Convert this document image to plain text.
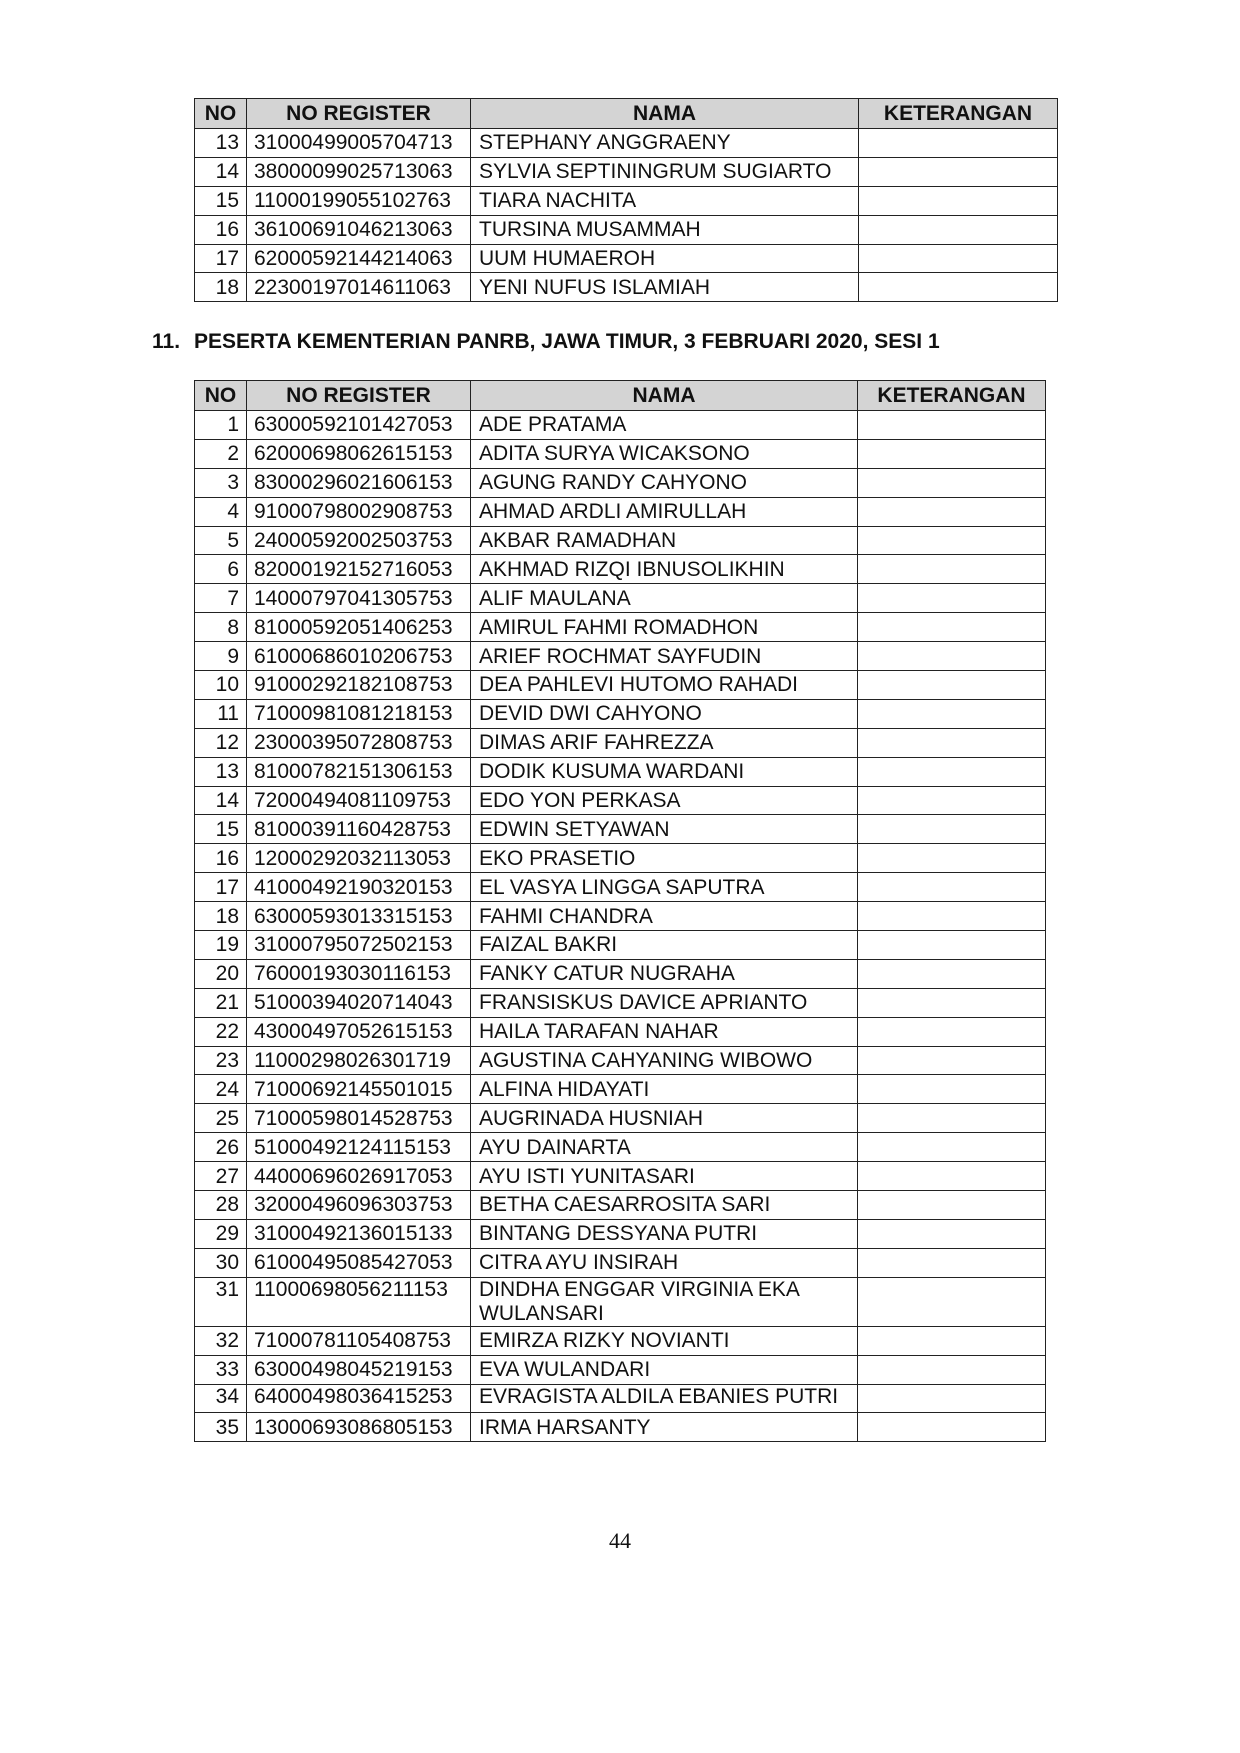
NO	NO REGISTER	NAMA	KETERANGAN
13	31000499005704713	STEPHANY ANGGRAENY	
14	38000099025713063	SYLVIA SEPTININGRUM SUGIARTO	
15	11000199055102763	TIARA NACHITA	
16	36100691046213063	TURSINA MUSAMMAH	
17	62000592144214063	UUM HUMAEROH	
18	22300197014611063	YENI NUFUS ISLAMIAH	
11. PESERTA KEMENTERIAN PANRB, JAWA TIMUR, 3 FEBRUARI 2020, SESI 1
NO	NO REGISTER	NAMA	KETERANGAN
1	63000592101427053	ADE PRATAMA	
2	62000698062615153	ADITA SURYA WICAKSONO	
3	83000296021606153	AGUNG RANDY CAHYONO	
4	91000798002908753	AHMAD ARDLI AMIRULLAH	
5	24000592002503753	AKBAR RAMADHAN	
6	82000192152716053	AKHMAD RIZQI IBNUSOLIKHIN	
7	14000797041305753	ALIF MAULANA	
8	81000592051406253	AMIRUL FAHMI ROMADHON	
9	61000686010206753	ARIEF ROCHMAT SAYFUDIN	
10	91000292182108753	DEA PAHLEVI HUTOMO RAHADI	
11	71000981081218153	DEVID DWI CAHYONO	
12	23000395072808753	DIMAS ARIF FAHREZZA	
13	81000782151306153	DODIK KUSUMA WARDANI	
14	72000494081109753	EDO YON PERKASA	
15	81000391160428753	EDWIN SETYAWAN	
16	12000292032113053	EKO PRASETIO	
17	41000492190320153	EL VASYA LINGGA SAPUTRA	
18	63000593013315153	FAHMI CHANDRA	
19	31000795072502153	FAIZAL BAKRI	
20	76000193030116153	FANKY CATUR NUGRAHA	
21	51000394020714043	FRANSISKUS DAVICE APRIANTO	
22	43000497052615153	HAILA TARAFAN NAHAR	
23	11000298026301719	AGUSTINA CAHYANING WIBOWO	
24	71000692145501015	ALFINA HIDAYATI	
25	71000598014528753	AUGRINADA HUSNIAH	
26	51000492124115153	AYU DAINARTA	
27	44000696026917053	AYU ISTI YUNITASARI	
28	32000496096303753	BETHA CAESARROSITA SARI	
29	31000492136015133	BINTANG DESSYANA PUTRI	
30	61000495085427053	CITRA AYU INSIRAH	
31	11000698056211153	DINDHA ENGGAR VIRGINIA EKA WULANSARI	
32	71000781105408753	EMIRZA RIZKY NOVIANTI	
33	63000498045219153	EVA WULANDARI	
34	64000498036415253	EVRAGISTA ALDILA EBANIES PUTRI	
35	13000693086805153	IRMA HARSANTY	
44
